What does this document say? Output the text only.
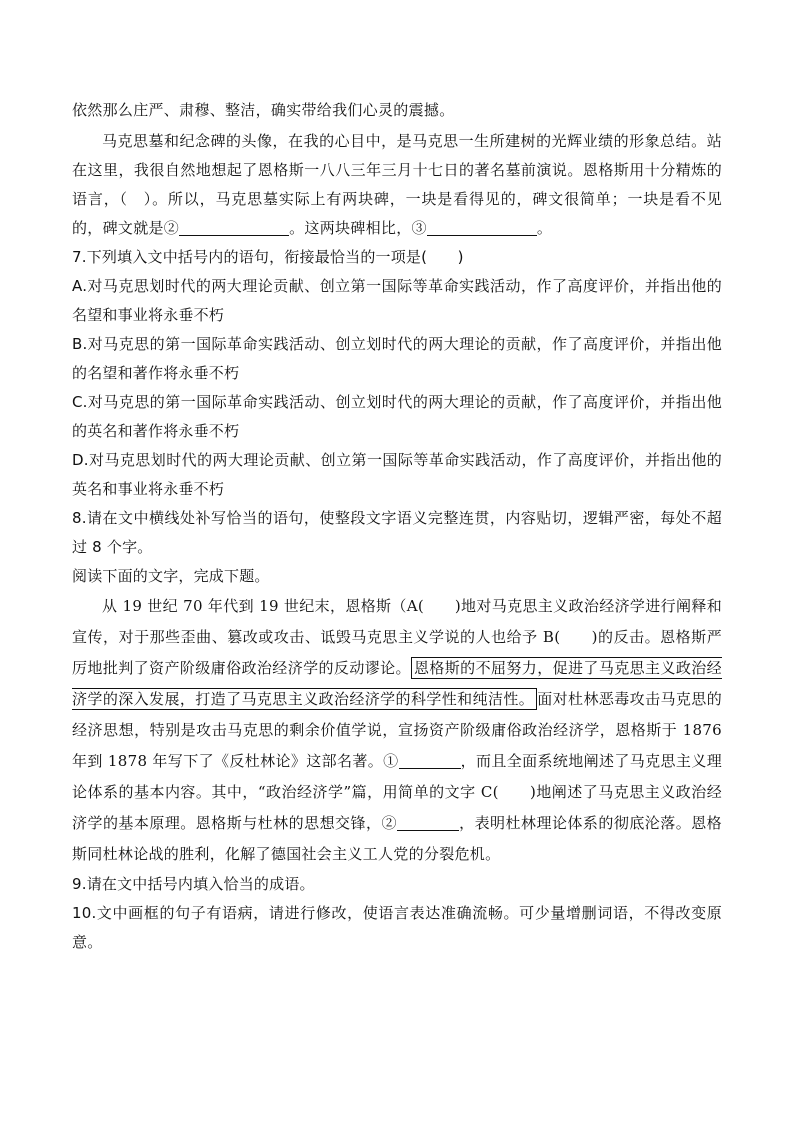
依然那么庄严、肃穆、整洁，确实带给我们心灵的震撼。

马克思墓和纪念碑的头像，在我的心目中，是马克思一生所建树的光辉业绩的形象总结。站在这里，我很自然地想起了恩格斯一八八三年三月十七日的著名墓前演说。恩格斯用十分精炼的语言，（　）。所以，马克思墓实际上有两块碑，一块是看得见的，碑文很简单；一块是看不见的，碑文就是②	。这两块碑相比，③	。

7.下列填入文中括号内的语句，衔接最恰当的一项是(　　)

A.对马克思划时代的两大理论贡献、创立第一国际等革命实践活动，作了高度评价，并指出他的名望和事业将永垂不朽

B.对马克思的第一国际革命实践活动、创立划时代的两大理论的贡献，作了高度评价，并指出他的名望和著作将永垂不朽

C.对马克思的第一国际革命实践活动、创立划时代的两大理论的贡献，作了高度评价，并指出他的英名和著作将永垂不朽

D.对马克思划时代的两大理论贡献、创立第一国际等革命实践活动，作了高度评价，并指出他的英名和事业将永垂不朽

8.请在文中横线处补写恰当的语句，使整段文字语义完整连贯，内容贴切，逻辑严密，每处不超过 8 个字。

阅读下面的文字，完成下题。

从 19 世纪 70 年代到 19 世纪末，恩格斯（A(　　)地对马克思主义政治经济学进行阐释和宣传，对于那些歪曲、篡改或攻击、诋毁马克思主义学说的人也给予 B(　　)的反击。恩格斯严厉地批判了资产阶级庸俗政治经济学的反动谬论。 恩格斯的不屈努力，促进了马克思主义政治经济学的深入发展，打造了马克思主义政治经济学的科学性和纯洁性。 面对杜林恶毒攻击马克思的经济思想，特别是攻击马克思的剩余价值学说，宣扬资产阶级庸俗政治经济学，恩格斯于 1876 年到 1878 年写下了《反杜林论》这部名著。①	，而且全面系统地阐述了马克思主义理论体系的基本内容。其中，“政治经济学”篇，用简单的文字 C(　　)地阐述了马克思主义政治经济学的基本原理。恩格斯与杜林的思想交锋，②	，表明杜林理论体系的彻底沦落。恩格斯同杜林论战的胜利，化解了德国社会主义工人党的分裂危机。

9.请在文中括号内填入恰当的成语。

10.文中画框的句子有语病，请进行修改，使语言表达准确流畅。可少量增删词语，不得改变原意。
